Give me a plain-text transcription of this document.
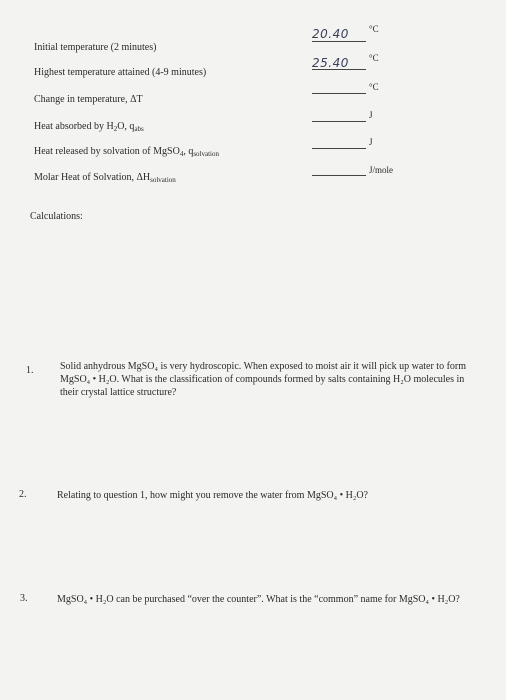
Initial temperature (2 minutes)
20.40 °C
Highest temperature attained (4-9 minutes)
25.40 °C
Change in temperature, ΔT
°C
Heat absorbed by $H_2O$, $q_{abs}$
J
Heat released by solvation of MgSO$_4$, $q_{solvation}$
J
Molar Heat of Solvation, $\Delta H_{solvation}$
J/mole
Calculations:
1.	Solid anhydrous MgSO₄ is very hydroscopic. When exposed to moist air it will pick up water to form MgSO₄ • H₂O. What is the classification of compounds formed by salts containing H₂O molecules in their crystal lattice structure?
2.	Relating to question 1, how might you remove the water from MgSO₄ • H₂O?
3.	MgSO₄ • H₂O can be purchased “over the counter”. What is the “common” name for MgSO₄ • H₂O?
